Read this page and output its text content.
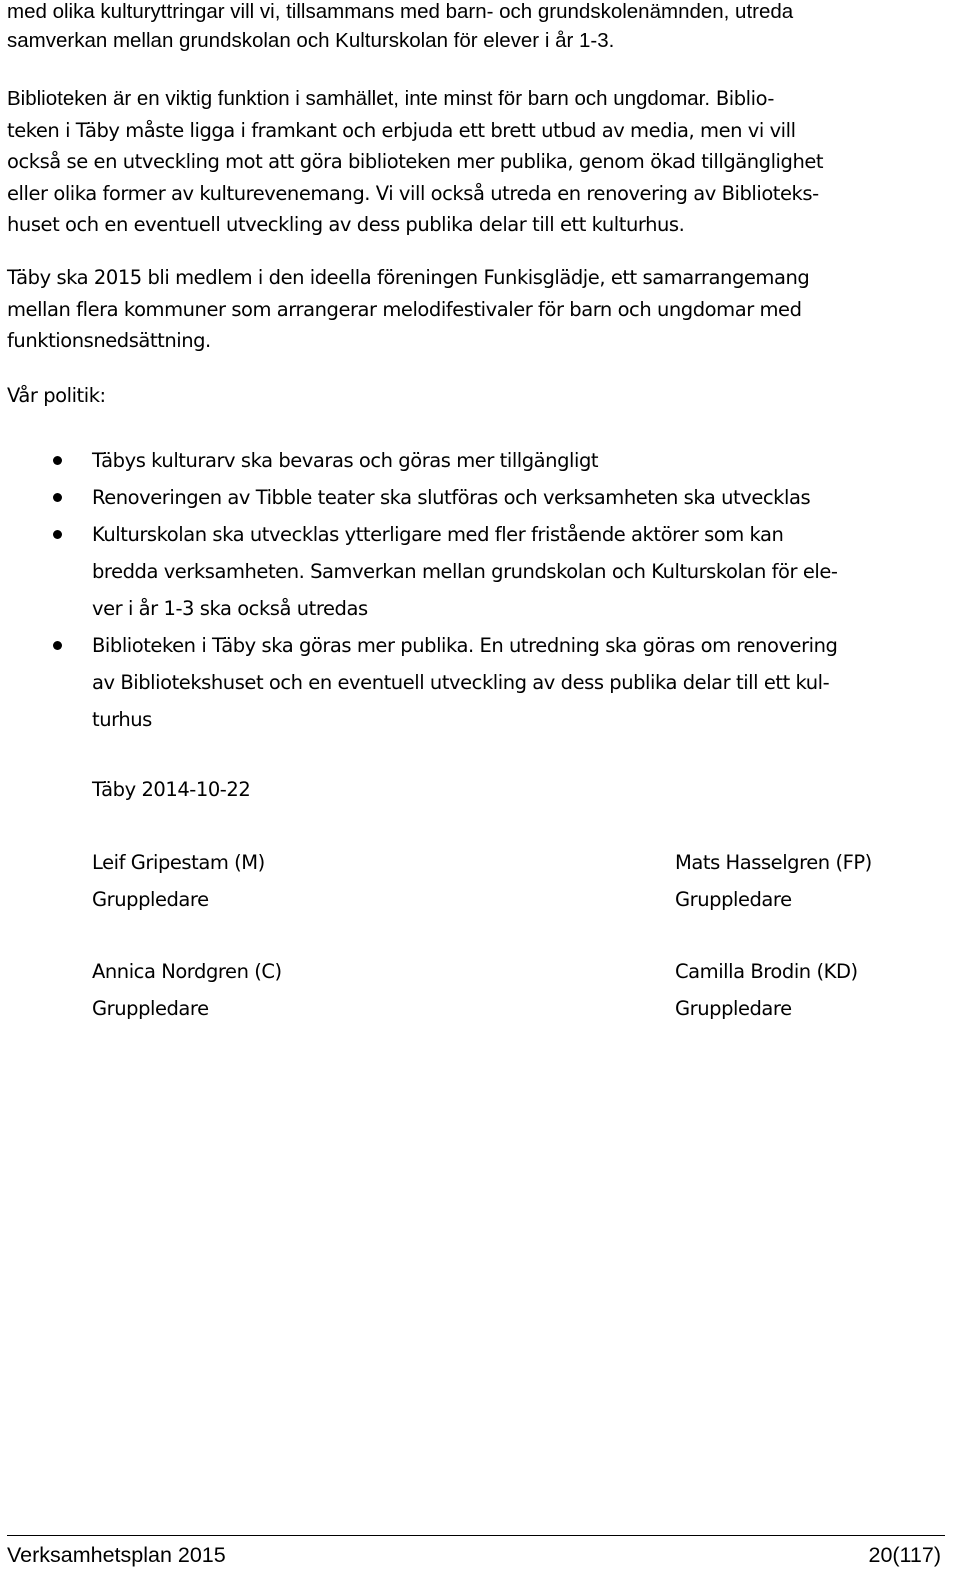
med olika kulturyttringar vill vi, tillsammans med barn- och grundskolenämnden, utreda
samverkan mellan grundskolan och Kulturskolan för elever i år 1-3.

Biblioteken är en viktig funktion i samhället, inte minst för barn och ungdomar. Biblio-
teken i Täby måste ligga i framkant och erbjuda ett brett utbud av media, men vi vill
också se en utveckling mot att göra biblioteken mer publika, genom ökad tillgänglighet
eller olika former av kulturevenemang. Vi vill också utreda en renovering av Biblioteks-
huset och en eventuell utveckling av dess publika delar till ett kulturhus.

Täby ska 2015 bli medlem i den ideella föreningen Funkisglädje, ett samarrangemang
mellan flera kommuner som arrangerar melodifestivaler för barn och ungdomar med
funktionsnedsättning.

Vår politik:

Täbys kulturarv ska bevaras och göras mer tillgängligt
Renoveringen av Tibble teater ska slutföras och verksamheten ska utvecklas
Kulturskolan ska utvecklas ytterligare med fler fristående aktörer som kan
bredda verksamheten. Samverkan mellan grundskolan och Kulturskolan för ele-
ver i år 1-3 ska också utredas
Biblioteken i Täby ska göras mer publika. En utredning ska göras om renovering
av Bibliotekshuset och en eventuell utveckling av dess publika delar till ett kul-
turhus

Täby 2014-10-22

Leif Gripestam (M)
Gruppledare
Mats Hasselgren (FP)
Gruppledare
Annica Nordgren (C)
Gruppledare
Camilla Brodin (KD)
Gruppledare

Verksamhetsplan 2015	20(117)
